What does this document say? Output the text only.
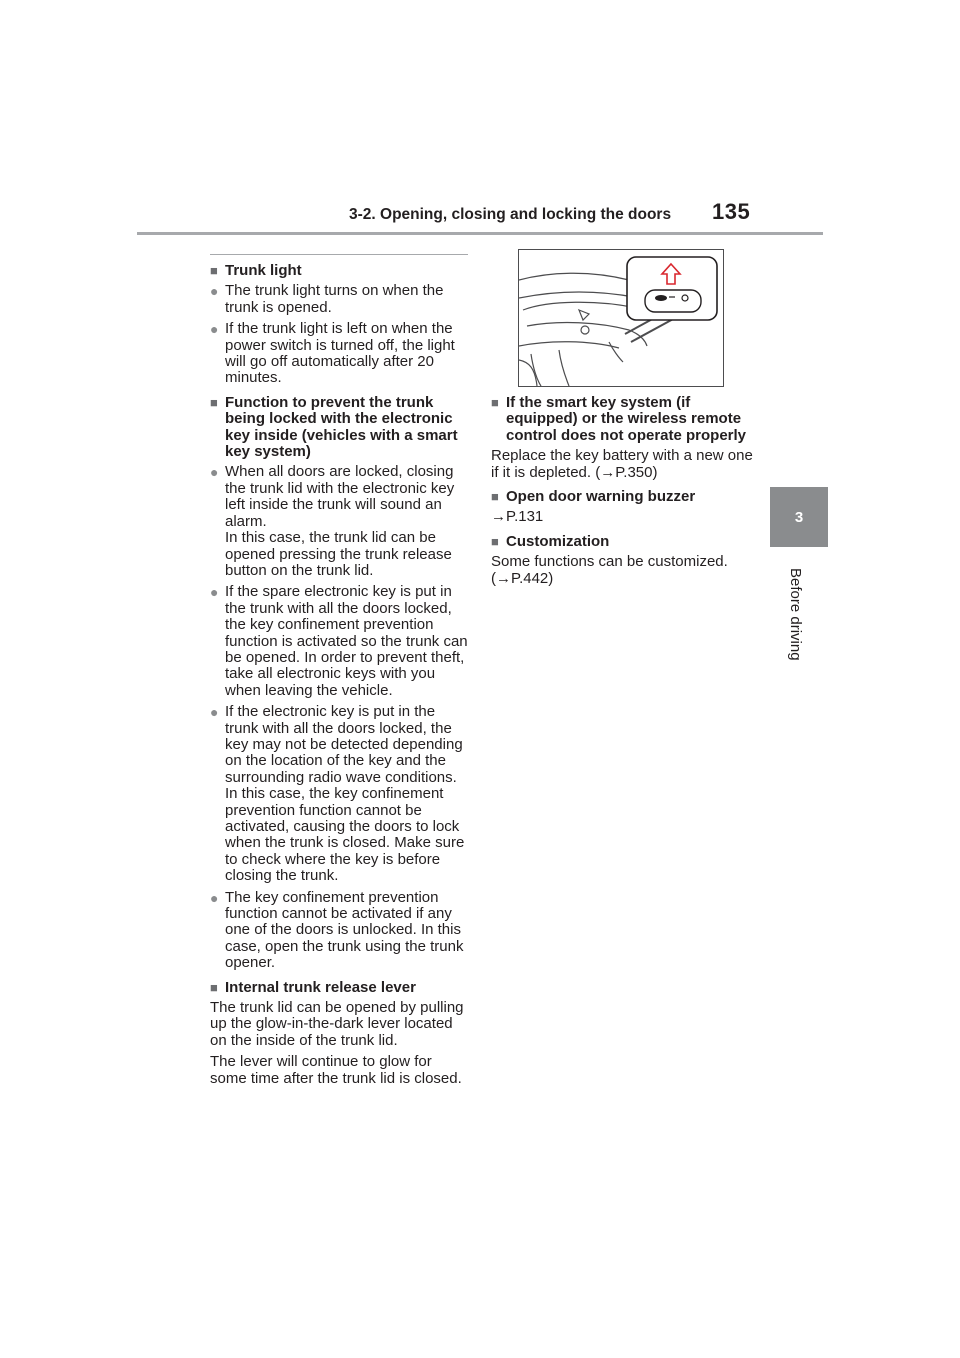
3-2. Opening, closing and locking the doors 135
3
Before driving
■ Trunk light
● The trunk light turns on when the trunk is opened.
● If the trunk light is left on when the power switch is turned off, the light will go off automatically after 20 minutes.
■ Function to prevent the trunk being locked with the electronic key inside (vehicles with a smart key system)
● When all doors are locked, closing the trunk lid with the electronic key left inside the trunk will sound an alarm.
In this case, the trunk lid can be opened pressing the trunk release button on the trunk lid.
● If the spare electronic key is put in the trunk with all the doors locked, the key confinement prevention function is activated so the trunk can be opened. In order to prevent theft, take all electronic keys with you when leaving the vehicle.
● If the electronic key is put in the trunk with all the doors locked, the key may not be detected depending on the location of the key and the surrounding radio wave conditions. In this case, the key confinement prevention function cannot be activated, causing the doors to lock when the trunk is closed. Make sure to check where the key is before closing the trunk.
● The key confinement prevention function cannot be activated if any one of the doors is unlocked. In this case, open the trunk using the trunk opener.
■ Internal trunk release lever
The trunk lid can be opened by pulling up the glow-in-the-dark lever located on the inside of the trunk lid.
The lever will continue to glow for some time after the trunk lid is closed.
■ If the smart key system (if equipped) or the wireless remote control does not operate properly
Replace the key battery with a new one if it is depleted. (→P.350)
■ Open door warning buzzer
→P.131
■ Customization
Some functions can be customized. (→P.442)
